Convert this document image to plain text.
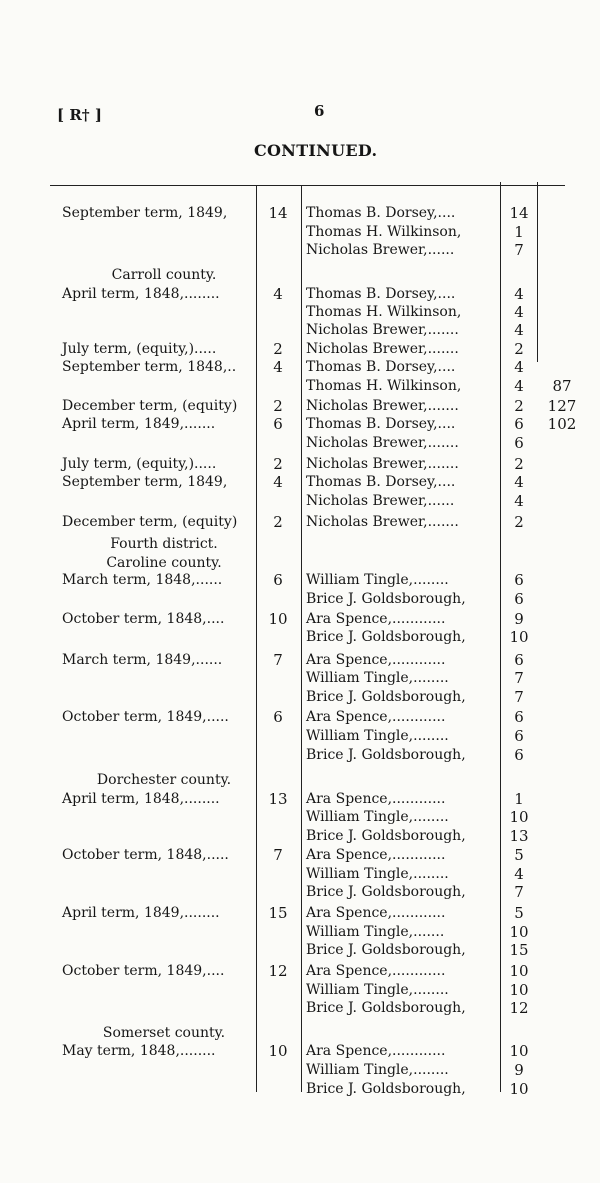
[ R† ]	6
CONTINUED.
September term, 1849,	14	Thomas B. Dorsey,....	14
Thomas H. Wilkinson,	1
Nicholas Brewer,......	7
Carroll county.
April term, 1848,........	4	Thomas B. Dorsey,....	4
Thomas H. Wilkinson,	4
Nicholas Brewer,.......	4
July term, (equity,).....	2	Nicholas Brewer,.......	2
September term, 1848,..	4	Thomas B. Dorsey,....	4
Thomas H. Wilkinson,	4	87
December term, (equity)	2	Nicholas Brewer,.......	2	127
April term, 1849,.......	6	Thomas B. Dorsey,....	6	102
Nicholas Brewer,.......	6
July term, (equity,).....	2	Nicholas Brewer,.......	2
September term, 1849,	4	Thomas B. Dorsey,....	4
Nicholas Brewer,......	4
December term, (equity)	2	Nicholas Brewer,.......	2
Fourth district.
Caroline county.
March term, 1848,......	6	William Tingle,........	6
Brice J. Goldsborough,	6
October term, 1848,....	10	Ara Spence,............	9
Brice J. Goldsborough,	10
March term, 1849,......	7	Ara Spence,............	6
William Tingle,........	7
Brice J. Goldsborough,	7
October term, 1849,.....	6	Ara Spence,............	6
William Tingle,........	6
Brice J. Goldsborough,	6
Dorchester county.
April term, 1848,........	13	Ara Spence,............	1
William Tingle,........	10
Brice J. Goldsborough,	13
October term, 1848,.....	7	Ara Spence,............	5
William Tingle,........	4
Brice J. Goldsborough,	7
April term, 1849,........	15	Ara Spence,............	5
William Tingle,.......	10
Brice J. Goldsborough,	15
October term, 1849,....	12	Ara Spence,............	10
William Tingle,........	10
Brice J. Goldsborough,	12
Somerset county.
May term, 1848,........	10	Ara Spence,............	10
William Tingle,........	9
Brice J. Goldsborough,	10
